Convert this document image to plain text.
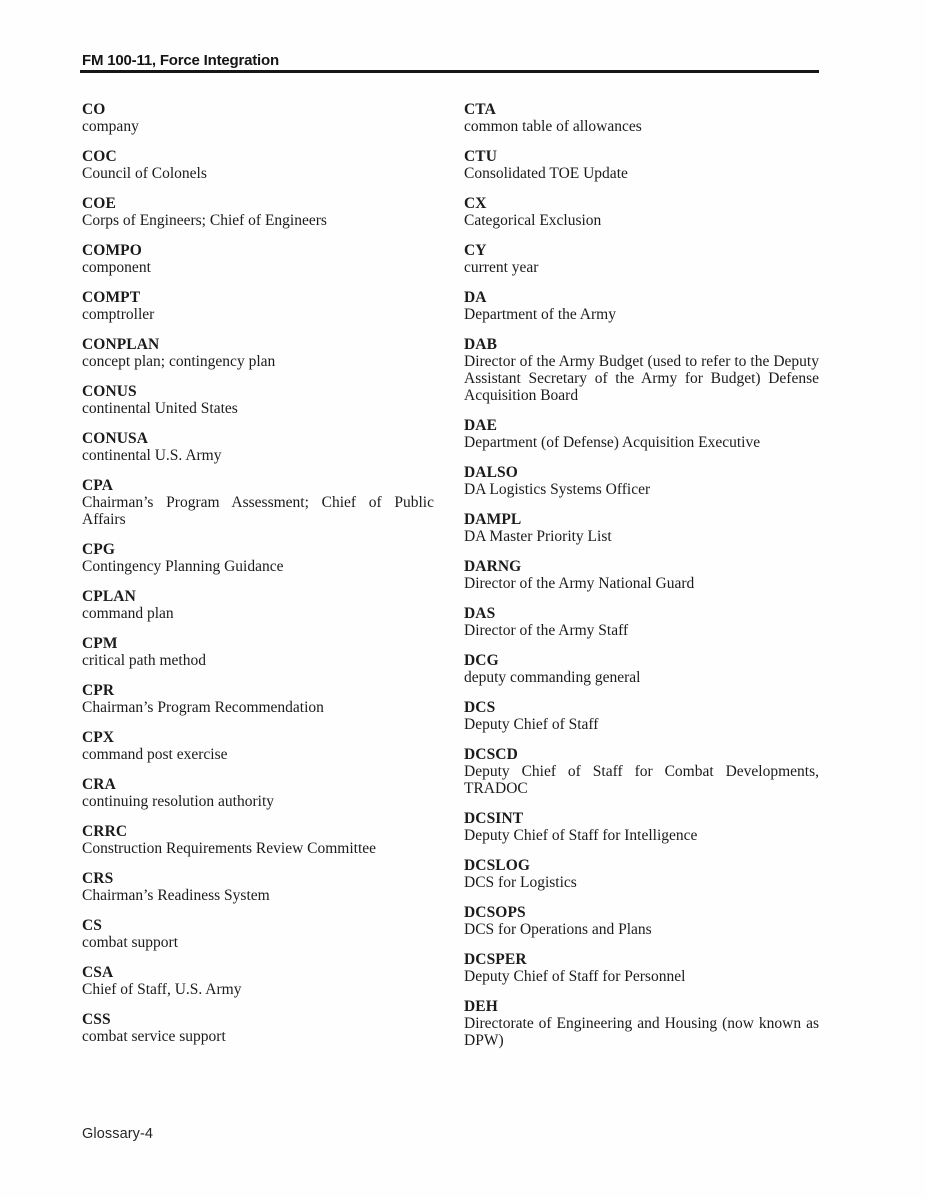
FM 100-11, Force Integration
CO
company
COC
Council of Colonels
COE
Corps of Engineers; Chief of Engineers
COMPO
component
COMPT
comptroller
CONPLAN
concept plan; contingency plan
CONUS
continental United States
CONUSA
continental U.S. Army
CPA
Chairman’s Program Assessment; Chief of Public Affairs
CPG
Contingency Planning Guidance
CPLAN
command plan
CPM
critical path method
CPR
Chairman’s Program Recommendation
CPX
command post exercise
CRA
continuing resolution authority
CRRC
Construction Requirements Review Committee
CRS
Chairman’s Readiness System
CS
combat support
CSA
Chief of Staff, U.S. Army
CSS
combat service support
CTA
common table of allowances
CTU
Consolidated TOE Update
CX
Categorical Exclusion
CY
current year
DA
Department of the Army
DAB
Director of the Army Budget (used to refer to the Deputy Assistant Secretary of the Army for Budget) Defense Acquisition Board
DAE
Department (of Defense) Acquisition Executive
DALSO
DA Logistics Systems Officer
DAMPL
DA Master Priority List
DARNG
Director of the Army National Guard
DAS
Director of the Army Staff
DCG
deputy commanding general
DCS
Deputy Chief of Staff
DCSCD
Deputy Chief of Staff for Combat Developments, TRADOC
DCSINT
Deputy Chief of Staff for Intelligence
DCSLOG
DCS for Logistics
DCSOPS
DCS for Operations and Plans
DCSPER
Deputy Chief of Staff for Personnel
DEH
Directorate of Engineering and Housing (now known as DPW)
Glossary-4
